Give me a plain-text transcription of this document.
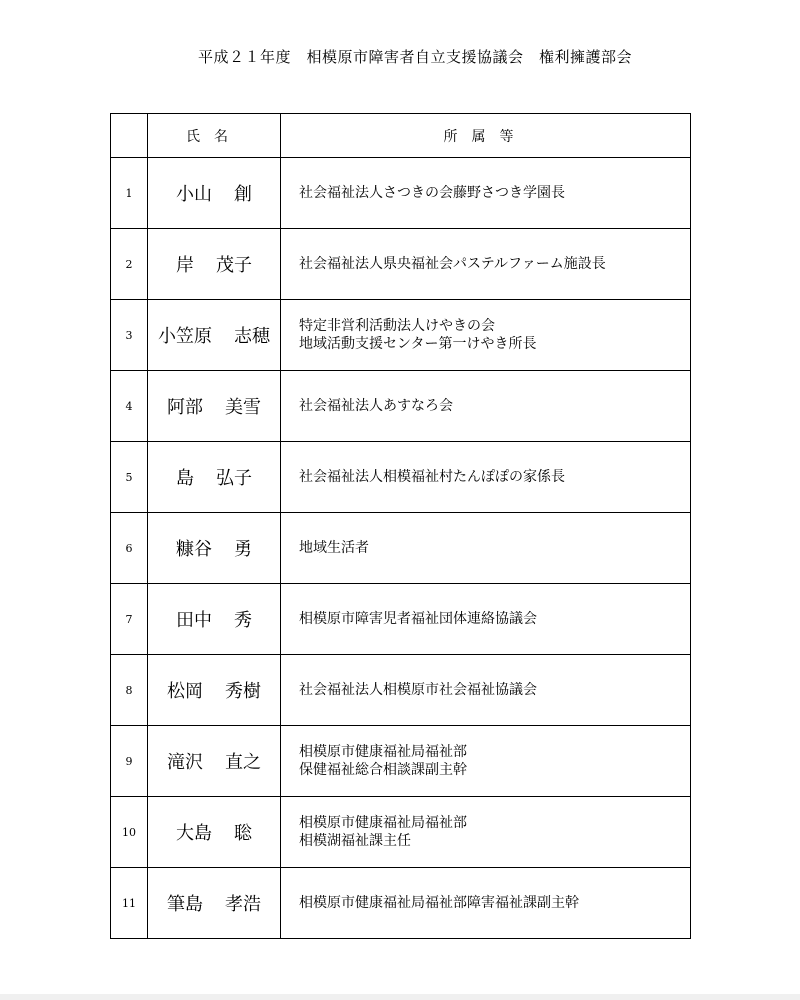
平成２１年度　相模原市障害者自立支援協議会　権利擁護部会
	氏名	所属等
1	小山 創	社会福祉法人さつきの会藤野さつき学園長

2	岸 茂子	社会福祉法人県央福祉会パステルファーム施設長

3	小笠原 志穂	特定非営利活動法人けやきの会
地域活動支援センター第一けやき所長

4	阿部 美雪	社会福祉法人あすなろ会

5	島 弘子	社会福祉法人相模福祉村たんぽぽの家係長

6	糠谷 勇	地域生活者

7	田中 秀	相模原市障害児者福祉団体連絡協議会

8	松岡 秀樹	社会福祉法人相模原市社会福祉協議会

9	滝沢 直之	相模原市健康福祉局福祉部
保健福祉総合相談課副主幹

10	大島 聡	相模原市健康福祉局福祉部
相模湖福祉課主任

11	筆島 孝浩	相模原市健康福祉局福祉部障害福祉課副主幹
